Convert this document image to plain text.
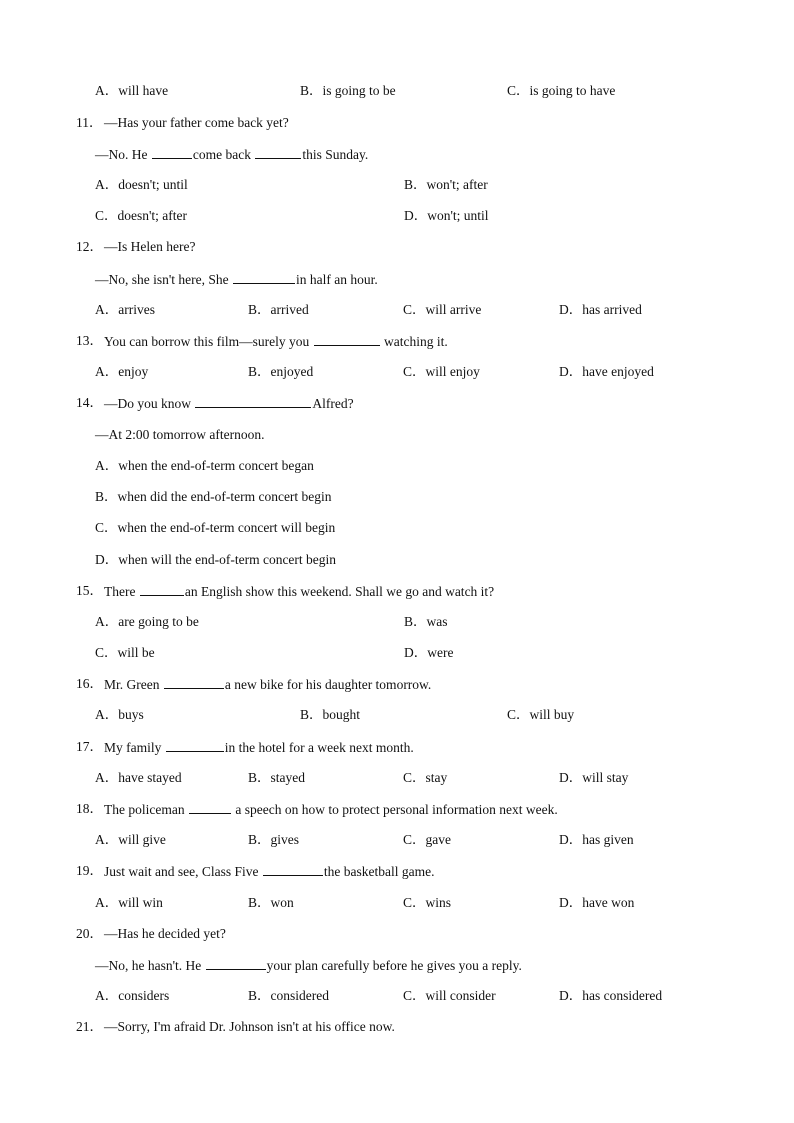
A．will have	B．is going to be	C．is going to have
11． —Has your father come back yet?
—No. He	come back	this Sunday.
A．doesn't; until	B．won't; after
C．doesn't; after	D．won't; until
12． —Is Helen here?
—No, she isn't here, She	in half an hour.
A．arrives	B．arrived	C．will arrive	D．has arrived
13． You can borrow this film—surely you	watching it.
A．enjoy	B．enjoyed	C．will enjoy	D．have enjoyed
14． —Do you know	Alfred?
—At 2:00 tomorrow afternoon.
A．when the end-of-term concert began
B．when did the end-of-term concert begin
C．when the end-of-term concert will begin
D．when will the end-of-term concert begin
15． There	an English show this weekend. Shall we go and watch it?
A．are going to be	B．was
C．will be	D．were
16． Mr. Green	a new bike for his daughter tomorrow.
A．buys	B．bought	C．will buy
17． My family	in the hotel for a week next month.
A．have stayed	B．stayed	C．stay	D．will stay
18． The policeman	a speech on how to protect personal information next week.
A．will give	B．gives	C．gave	D．has given
19． Just wait and see, Class Five	the basketball game.
A．will win	B．won	C．wins	D．have won
20． —Has he decided yet?
—No, he hasn't. He	your plan carefully before he gives you a reply.
A．considers	B．considered	C．will consider	D．has considered
21． —Sorry, I'm afraid Dr. Johnson isn't at his office now.
